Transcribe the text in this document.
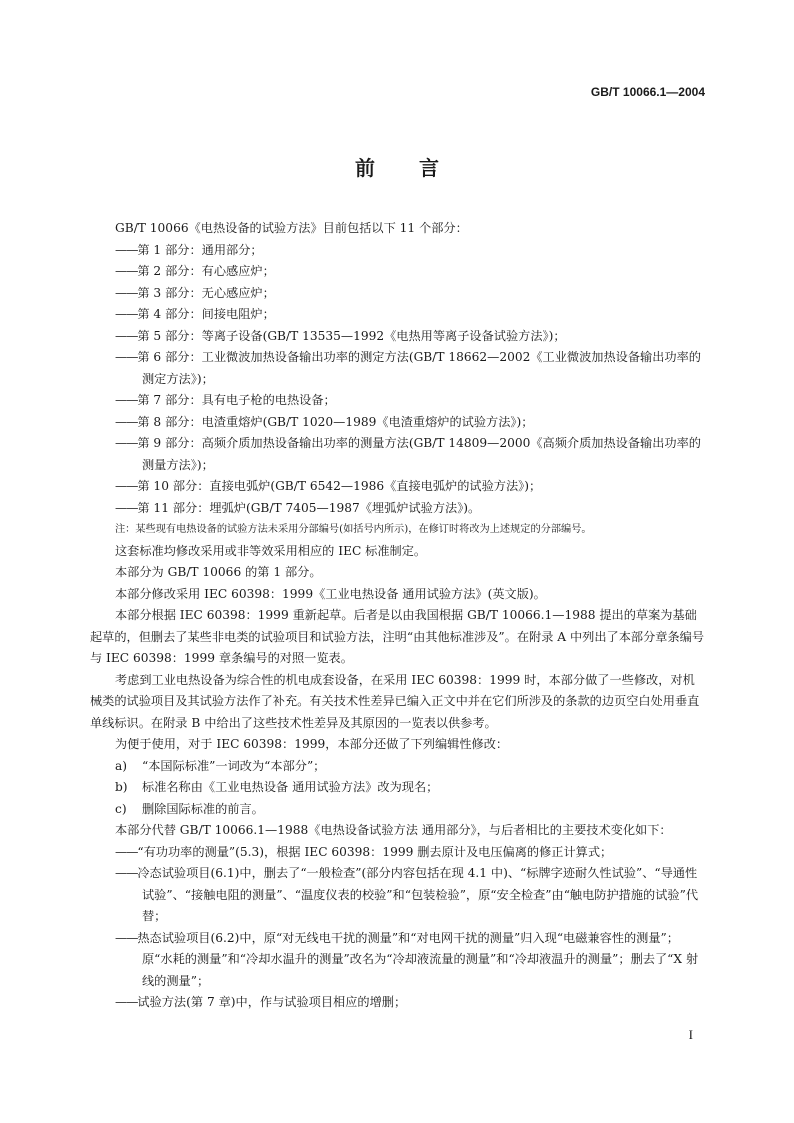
GB/T 10066.1—2004
前言

GB/T 10066《电热设备的试验方法》目前包括以下 11 个部分：

——第 1 部分：通用部分；

——第 2 部分：有心感应炉；

——第 3 部分：无心感应炉；

——第 4 部分：间接电阻炉；

——第 5 部分：等离子设备(GB/T 13535—1992《电热用等离子设备试验方法》)；

——第 6 部分：工业微波加热设备输出功率的测定方法(GB/T 18662—2002《工业微波加热设备输出功率的测定方法》)；

——第 7 部分：具有电子枪的电热设备；

——第 8 部分：电渣重熔炉(GB/T 1020—1989《电渣重熔炉的试验方法》)；

——第 9 部分：高频介质加热设备输出功率的测量方法(GB/T 14809—2000《高频介质加热设备输出功率的测量方法》)；

——第 10 部分：直接电弧炉(GB/T 6542—1986《直接电弧炉的试验方法》)；

——第 11 部分：埋弧炉(GB/T 7405—1987《埋弧炉试验方法》)。

注：某些现有电热设备的试验方法未采用分部编号(如括号内所示)，在修订时将改为上述规定的分部编号。

这套标准均修改采用或非等效采用相应的 IEC 标准制定。

本部分为 GB/T 10066 的第 1 部分。

本部分修改采用 IEC 60398：1999《工业电热设备 通用试验方法》(英文版)。

本部分根据 IEC 60398：1999 重新起草。后者是以由我国根据 GB/T 10066.1—1988 提出的草案为基础起草的，但删去了某些非电类的试验项目和试验方法，注明“由其他标准涉及”。在附录 A 中列出了本部分章条编号与 IEC 60398：1999 章条编号的对照一览表。

考虑到工业电热设备为综合性的机电成套设备，在采用 IEC 60398：1999 时，本部分做了一些修改，对机械类的试验项目及其试验方法作了补充。有关技术性差异已编入正文中并在它们所涉及的条款的边页空白处用垂直单线标识。在附录 B 中给出了这些技术性差异及其原因的一览表以供参考。

为便于使用，对于 IEC 60398：1999，本部分还做了下列编辑性修改：

a) “本国际标准”一词改为“本部分”；

b) 标准名称由《工业电热设备 通用试验方法》改为现名；

c) 删除国际标准的前言。

本部分代替 GB/T 10066.1—1988《电热设备试验方法 通用部分》，与后者相比的主要技术变化如下：

——“有功功率的测量”(5.3)，根据 IEC 60398：1999 删去原计及电压偏离的修正计算式；

——冷态试验项目(6.1)中，删去了“一般检查”(部分内容包括在现 4.1 中)、“标牌字迹耐久性试验”、“导通性试验”、“接触电阻的测量”、“温度仪表的校验”和“包装检验”，原“安全检查”由“触电防护措施的试验”代替；

——热态试验项目(6.2)中，原“对无线电干扰的测量”和“对电网干扰的测量”归入现“电磁兼容性的测量”；原“水耗的测量”和“冷却水温升的测量”改名为“冷却液流量的测量”和“冷却液温升的测量”；删去了“X 射线的测量”；

——试验方法(第 7 章)中，作与试验项目相应的增删；

I
